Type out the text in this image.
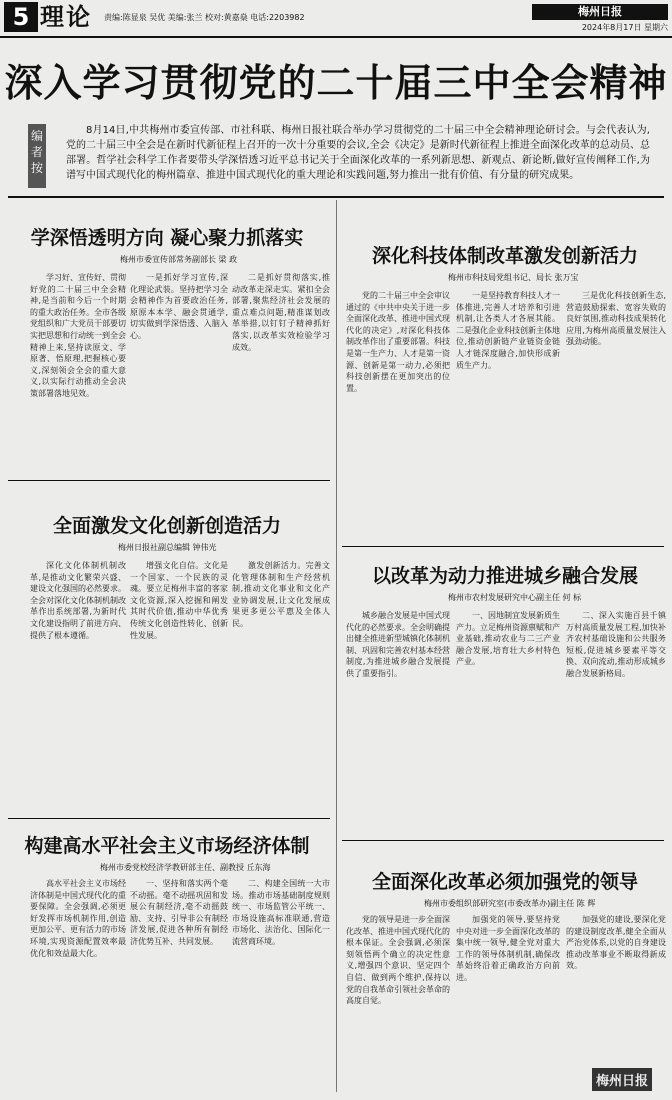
5 理论 责编:陈显泉 吴优 美编:张兰 校对:黄嘉燊 电话:2203982	梅州日报
2024年8月17日 星期六
深入学习贯彻党的二十届三中全会精神
编
者
按
8月14日,中共梅州市委宣传部、市社科联、梅州日报社联合举办学习贯彻党的二十届三中全会精神理论研讨会。与会代表认为,党的二十届三中全会是在新时代新征程上召开的一次十分重要的会议,全会《决定》是新时代新征程上推进全面深化改革的总动员、总部署。哲学社会科学工作者要带头学深悟透习近平总书记关于全面深化改革的一系列新思想、新观点、新论断,做好宣传阐释工作,为谱写中国式现代化的梅州篇章、推进中国式现代化的重大理论和实践问题,努力推出一批有价值、有分量的研究成果。
学深悟透明方向 凝心聚力抓落实
梅州市委宣传部常务副部长 梁 政

学习好、宣传好、贯彻好党的二十届三中全会精神,是当前和今后一个时期的重大政治任务。全市各级党组织和广大党员干部要切实把思想和行动统一到全会精神上来,坚持读原文、学原著、悟原理,把握核心要义,深刻领会全会的重大意义,以实际行动推动全会决策部署落地见效。

一是抓好学习宣传,深化理论武装。坚持把学习全会精神作为首要政治任务,原原本本学、融会贯通学,切实做到学深悟透、入脑入心。

二是抓好贯彻落实,推动改革走深走实。紧扣全会部署,聚焦经济社会发展的重点难点问题,精准谋划改革举措,以钉钉子精神抓好落实,以改革实效检验学习成效。

深化科技体制改革激发创新活力
梅州市科技局党组书记、局长 张万宝

党的二十届三中全会审议通过的《中共中央关于进一步全面深化改革、推进中国式现代化的决定》,对深化科技体制改革作出了重要部署。科技是第一生产力、人才是第一资源、创新是第一动力,必须把科技创新摆在更加突出的位置。

一是坚持教育科技人才一体推进,完善人才培养和引进机制,让各类人才各展其能。二是强化企业科技创新主体地位,推动创新链产业链资金链人才链深度融合,加快形成新质生产力。

三是优化科技创新生态,营造鼓励探索、宽容失败的良好氛围,推动科技成果转化应用,为梅州高质量发展注入强劲动能。

全面激发文化创新创造活力
梅州日报社副总编辑 钟伟光

深化文化体制机制改革,是推动文化繁荣兴盛、建设文化强国的必然要求。全会对深化文化体制机制改革作出系统部署,为新时代文化建设指明了前进方向、提供了根本遵循。

增强文化自信。文化是一个国家、一个民族的灵魂。要立足梅州丰富的客家文化资源,深入挖掘和阐发其时代价值,推动中华优秀传统文化创造性转化、创新性发展。

激发创新活力。完善文化管理体制和生产经营机制,推动文化事业和文化产业协调发展,让文化发展成果更多更公平惠及全体人民。

以改革为动力推进城乡融合发展
梅州市农村发展研究中心副主任 何 标

城乡融合发展是中国式现代化的必然要求。全会明确提出健全推进新型城镇化体制机制、巩固和完善农村基本经营制度,为推进城乡融合发展提供了重要指引。

一、因地制宜发展新质生产力。立足梅州资源禀赋和产业基础,推动农业与二三产业融合发展,培育壮大乡村特色产业。

二、深入实施百县千镇万村高质量发展工程,加快补齐农村基础设施和公共服务短板,促进城乡要素平等交换、双向流动,推动形成城乡融合发展新格局。

构建高水平社会主义市场经济体制
梅州市委党校经济学教研部主任、副教授 丘东海

高水平社会主义市场经济体制是中国式现代化的重要保障。全会强调,必须更好发挥市场机制作用,创造更加公平、更有活力的市场环境,实现资源配置效率最优化和效益最大化。

一、坚持和落实两个毫不动摇。毫不动摇巩固和发展公有制经济,毫不动摇鼓励、支持、引导非公有制经济发展,促进各种所有制经济优势互补、共同发展。

二、构建全国统一大市场。推动市场基础制度规则统一、市场监管公平统一、市场设施高标准联通,营造市场化、法治化、国际化一流营商环境。

全面深化改革必须加强党的领导
梅州市委组织部研究室(市委改革办)副主任 陈 辉

党的领导是进一步全面深化改革、推进中国式现代化的根本保证。全会强调,必须深刻领悟两个确立的决定性意义,增强四个意识、坚定四个自信、做到两个维护,保持以党的自我革命引领社会革命的高度自觉。

加强党的领导,要坚持党中央对进一步全面深化改革的集中统一领导,健全党对重大工作的领导体制机制,确保改革始终沿着正确政治方向前进。

加强党的建设,要深化党的建设制度改革,健全全面从严治党体系,以党的自身建设推动改革事业不断取得新成效。

梅州日报
